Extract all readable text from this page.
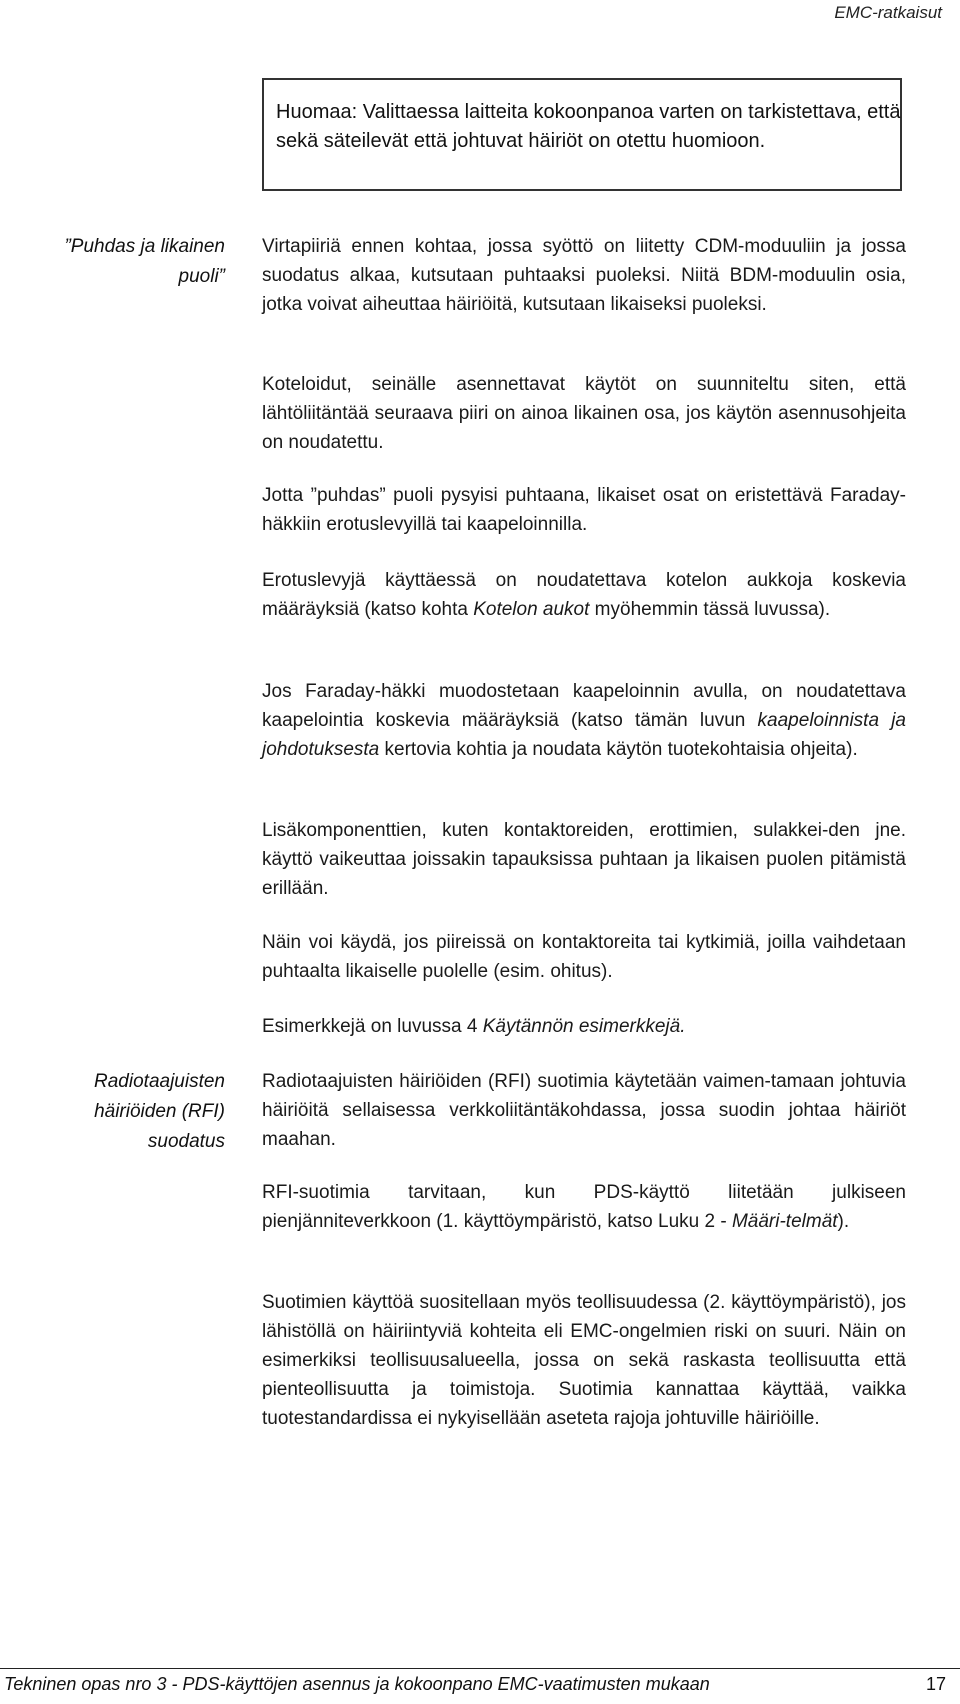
EMC-ratkaisut

Huomaa: Valittaessa laitteita kokoonpanoa varten on tarkistettava, että sekä säteilevät että johtuvat häiriöt on otettu huomioon.

”Puhdas ja likainen
puoli”

Virtapiiriä ennen kohtaa, jossa syöttö on liitetty CDM-moduuliin ja jossa suodatus alkaa, kutsutaan puhtaaksi puoleksi. Niitä BDM-moduulin osia, jotka voivat aiheuttaa häiriöitä, kutsutaan likaiseksi puoleksi.

Koteloidut, seinälle asennettavat käytöt on suunniteltu siten, että lähtöliitäntää seuraava piiri on ainoa likainen osa, jos käytön asennusohjeita on noudatettu.

Jotta ”puhdas” puoli pysyisi puhtaana, likaiset osat on eristettävä Faraday-häkkiin erotuslevyillä tai kaapeloinnilla.

Erotuslevyjä käyttäessä on noudatettava kotelon aukkoja koskevia määräyksiä (katso kohta Kotelon aukot myöhemmin tässä luvussa).

Jos Faraday-häkki muodostetaan kaapeloinnin avulla, on noudatettava kaapelointia koskevia määräyksiä (katso tämän luvun kaapeloinnista ja johdotuksesta kertovia kohtia ja noudata käytön tuotekohtaisia ohjeita).

Lisäkomponenttien, kuten kontaktoreiden, erottimien, sulakkei-den jne. käyttö vaikeuttaa joissakin tapauksissa puhtaan ja likaisen puolen pitämistä erillään.

Näin voi käydä, jos piireissä on kontaktoreita tai kytkimiä, joilla vaihdetaan puhtaalta likaiselle puolelle (esim. ohitus).

Esimerkkejä on luvussa 4 Käytännön esimerkkejä.

Radiotaajuisten
häiriöiden (RFI)
suodatus

Radiotaajuisten häiriöiden (RFI) suotimia käytetään vaimen-tamaan johtuvia häiriöitä sellaisessa verkkoliitäntäkohdassa, jossa suodin johtaa häiriöt maahan.

RFI-suotimia tarvitaan, kun PDS-käyttö liitetään julkiseen pienjänniteverkkoon (1. käyttöympäristö, katso Luku 2 - Määri-telmät).

Suotimien käyttöä suositellaan myös teollisuudessa (2. käyttöympäristö), jos lähistöllä on häiriintyviä kohteita eli EMC-ongelmien riski on suuri. Näin on esimerkiksi teollisuusalueella, jossa on sekä raskasta teollisuutta että pienteollisuutta ja toimistoja. Suotimia kannattaa käyttää, vaikka tuotestandardissa ei nykyisellään aseteta rajoja johtuville häiriöille.

Tekninen opas nro 3 - PDS-käyttöjen asennus ja kokoonpano EMC-vaatimusten mukaan	17
